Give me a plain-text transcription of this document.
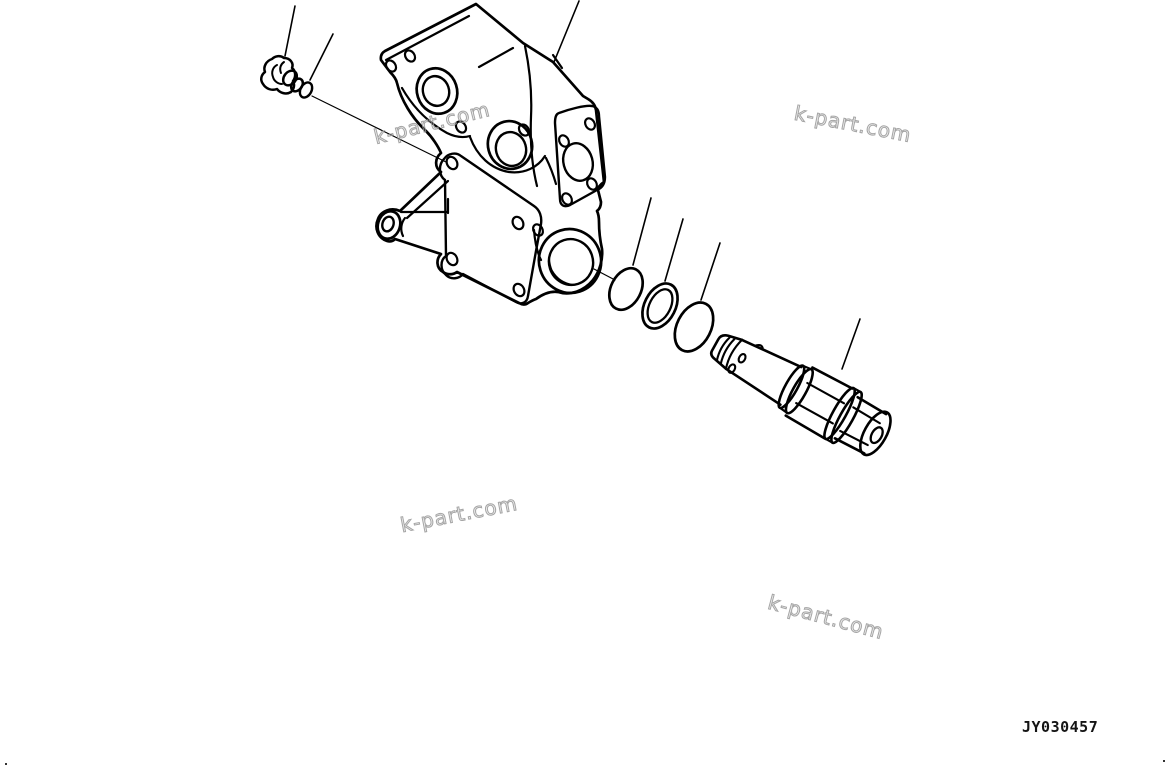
k-part.com
k-part.com
k-part.com
k-part.com
JY030457
